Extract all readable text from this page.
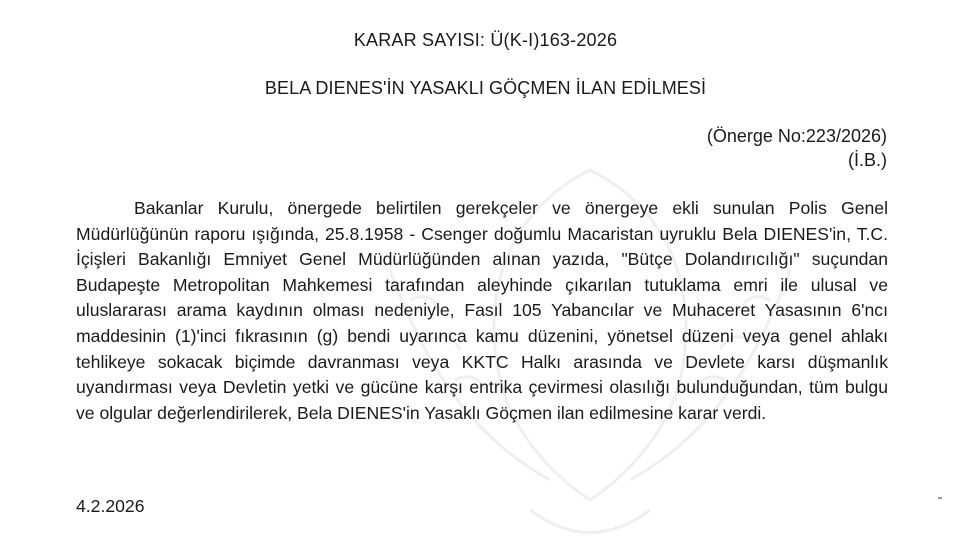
KARAR SAYISI: Ü(K-I)163-2026
BELA DIENES'İN YASAKLI GÖÇMEN İLAN EDİLMESİ
(Önerge No:223/2026)
(İ.B.)

Bakanlar Kurulu, önergede belirtilen gerekçeler ve önergeye ekli sunulan Polis Genel Müdürlüğünün raporu ışığında, 25.8.1958 - Csenger doğumlu Macaristan uyruklu Bela DIENES'in, T.C. İçişleri Bakanlığı Emniyet Genel Müdürlüğünden alınan yazıda, "Bütçe Dolandırıcılığı" suçundan Budapeşte Metropolitan Mahkemesi tarafından aleyhinde çıkarılan tutuklama emri ile ulusal ve uluslararası arama kaydının olması nedeniyle, Fasıl 105 Yabancılar ve Muhaceret Yasasının 6'ncı maddesinin (1)'inci fıkrasının (g) bendi uyarınca kamu düzenini, yönetsel düzeni veya genel ahlakı tehlikeye sokacak biçimde davranması veya KKTC Halkı arasında ve Devlete karsı düşmanlık uyandırması veya Devletin yetki ve gücüne karşı entrika çevirmesi olasılığı bulunduğundan, tüm bulgu ve olgular değerlendirilerek, Bela DIENES'in Yasaklı Göçmen ilan edilmesine karar verdi.

4.2.2026
